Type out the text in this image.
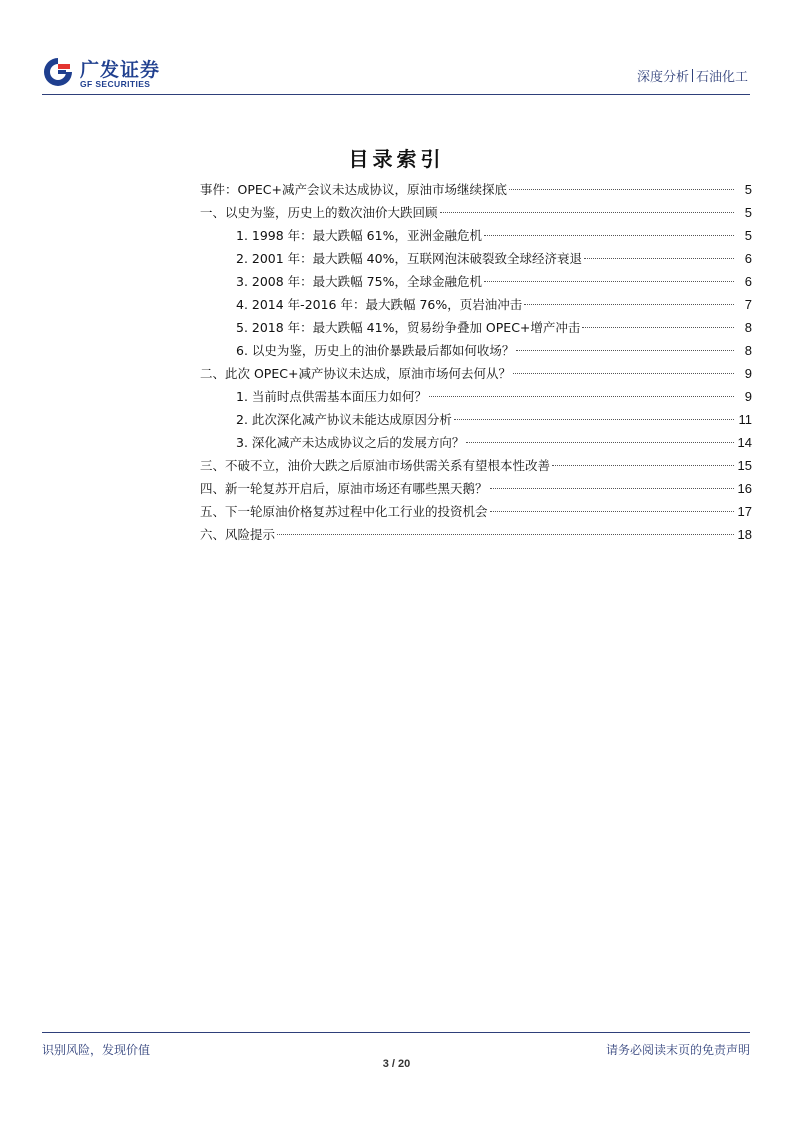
广发证券
GF SECURITIES	深度分析 石油化工
目录索引
事件：OPEC+减产会议未达成协议，原油市场继续探底	5
一、以史为鉴，历史上的数次油价大跌回顾	5
1. 1998 年：最大跌幅 61%，亚洲金融危机	5
2. 2001 年：最大跌幅 40%，互联网泡沫破裂致全球经济衰退	6
3. 2008 年：最大跌幅 75%，全球金融危机	6
4. 2014 年-2016 年：最大跌幅 76%，页岩油冲击	7
5. 2018 年：最大跌幅 41%，贸易纷争叠加 OPEC+增产冲击	8
6. 以史为鉴，历史上的油价暴跌最后都如何收场？	8
二、此次 OPEC+减产协议未达成，原油市场何去何从？	9
1. 当前时点供需基本面压力如何？	9
2. 此次深化减产协议未能达成原因分析	11
3. 深化减产未达成协议之后的发展方向？	14
三、不破不立，油价大跌之后原油市场供需关系有望根本性改善	15
四、新一轮复苏开启后，原油市场还有哪些黑天鹅？	16
五、下一轮原油价格复苏过程中化工行业的投资机会	17
六、风险提示	18
识别风险，发现价值	请务必阅读末页的免责声明
3 / 20
